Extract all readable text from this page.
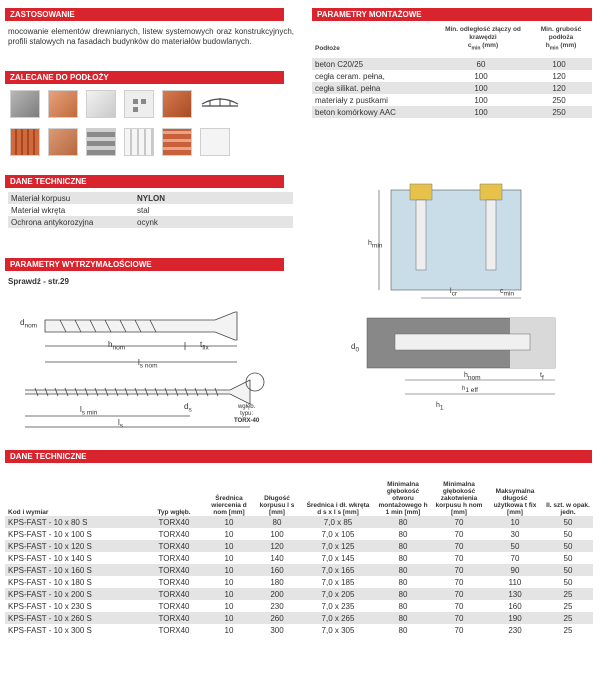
ZASTOSOWANIE
mocowanie elementów drewnianych, listew systemowych oraz konstrukcyjnych, profili stalowych na fasadach budynków do materiałów budowlanych.
ZALECANE DO PODŁOŻY
PARAMETRY MONTAŻOWE
Podłoże
Min. odległość złączy od krawędzi
$c_{min}$ (mm)
Min. grubość podłoża
$h_{min}$ (mm)
beton C20/25	60	100
cegła ceram. pełna,	100	120
cegła silikat. pełna	100	120
materiały z pustkami	100	250
beton komórkowy AAC	100	250
DANE TECHNICZNE
Materiał korpusu	NYLON
Materiał wkręta	stal
Ochrona antykorozyjna	ocynk
PARAMETRY WYTRZYMAŁOŚCIOWE
Sprawdź - str.29
$d_{nom}$
$h_{nom}$	$t_{fix}$
$l_{s nom}$
$l_{s min}$
$l_s$
$d_s$	wgłęb.
typu:
TORX-40
$h_{min}$
$l_{cr}$	$c_{min}$
$d_0$
$h_1$
$t_f$
$h_{nom}$
$h_{1 eff}$
DANE TECHNICZNE
Kod i wymiar	Typ wgłęb.	Średnica wiercenia d nom [mm]	Długość korpusu l s [mm]	Średnica i dł. wkręta d s x l s [mm]	Minimalna głębokość otworu montażowego h 1 min [mm]	Minimalna głębokość zakotwienia korpusu h nom [mm]	Maksymalna długość użytkowa t fix [mm]	Il. szt. w opak. jedn.
KPS-FAST - 10 x 80 S	TORX40	10	80	7,0 x 85	80	70	10	50
KPS-FAST - 10 x 100 S	TORX40	10	100	7,0 x 105	80	70	30	50
KPS-FAST - 10 x 120 S	TORX40	10	120	7,0 x 125	80	70	50	50
KPS-FAST - 10 x 140 S	TORX40	10	140	7,0 x 145	80	70	70	50
KPS-FAST - 10 x 160 S	TORX40	10	160	7,0 x 165	80	70	90	50
KPS-FAST - 10 x 180 S	TORX40	10	180	7,0 x 185	80	70	110	50
KPS-FAST - 10 x 200 S	TORX40	10	200	7,0 x 205	80	70	130	25
KPS-FAST - 10 x 230 S	TORX40	10	230	7,0 x 235	80	70	160	25
KPS-FAST - 10 x 260 S	TORX40	10	260	7,0 x 265	80	70	190	25
KPS-FAST - 10 x 300 S	TORX40	10	300	7,0 x 305	80	70	230	25
